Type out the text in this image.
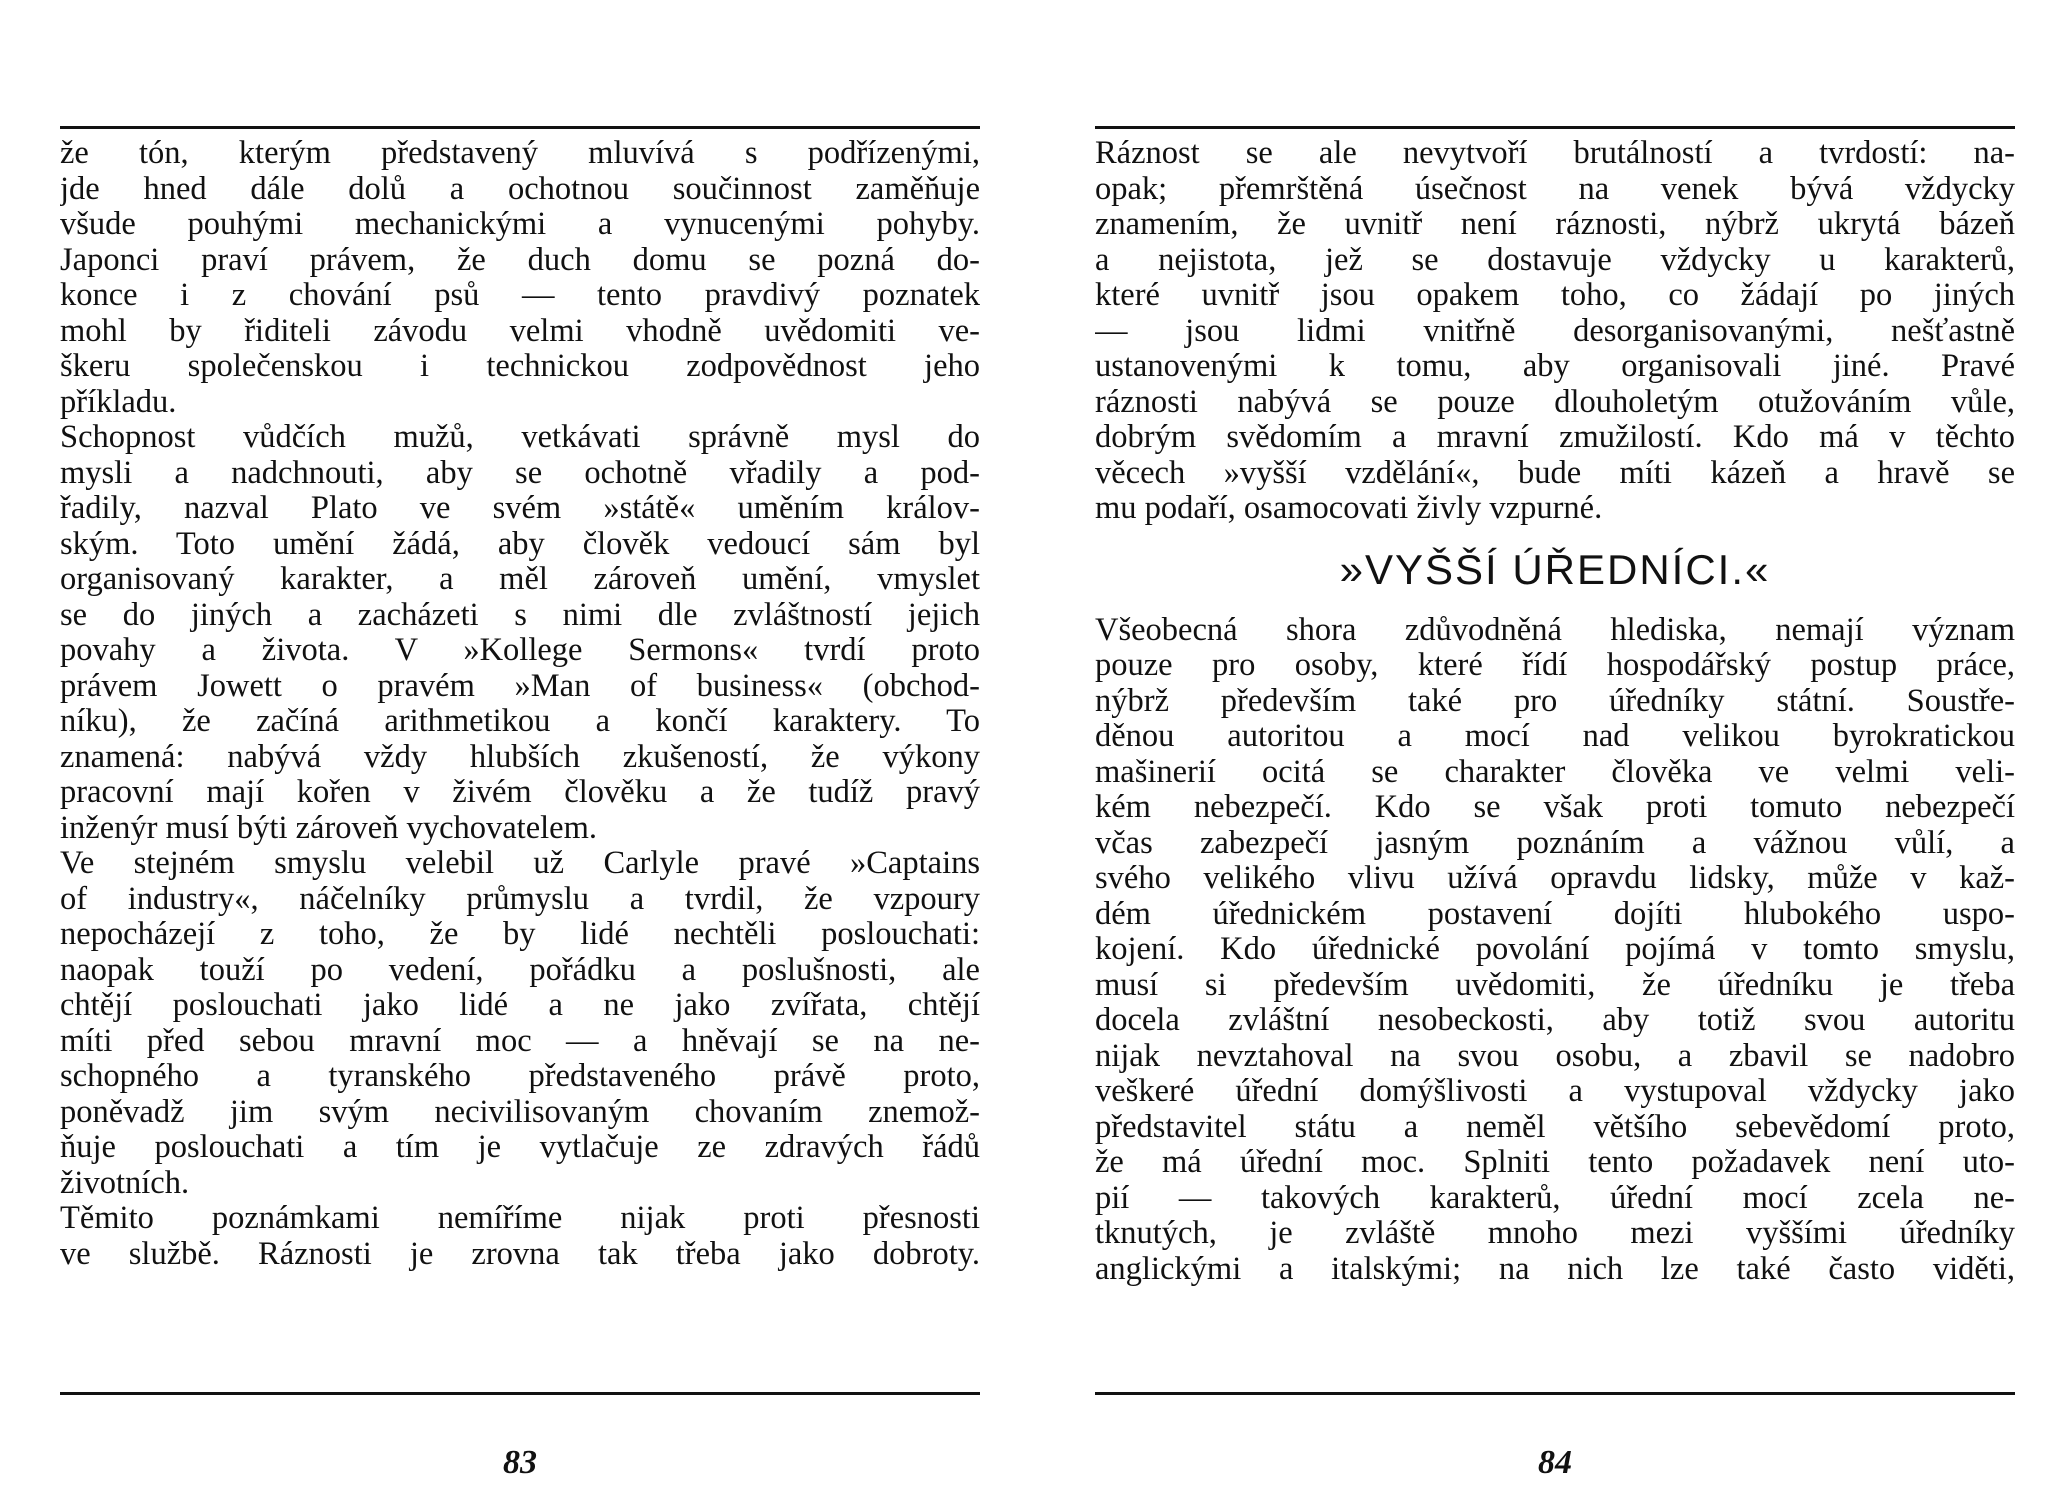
že tón, kterým představený mluvívá s podřízenými,
jde hned dále dolů a ochotnou součinnost zaměňuje
všude pouhými mechanickými a vynucenými pohyby.
Japonci praví právem, že duch domu se pozná do-
konce i z chování psů — tento pravdivý poznatek
mohl by řiditeli závodu velmi vhodně uvědomiti ve-
škeru společenskou i technickou zodpovědnost jeho
příkladu.
Schopnost vůdčích mužů, vetkávati správně mysl do
mysli a nadchnouti, aby se ochotně vřadily a pod-
řadily, nazval Plato ve svém »státě« uměním králov-
ským. Toto umění žádá, aby člověk vedoucí sám byl
organisovaný karakter, a měl zároveň umění, vmyslet
se do jiných a zacházeti s nimi dle zvláštností jejich
povahy a života. V »Kollege Sermons« tvrdí proto
právem Jowett o pravém »Man of business« (obchod-
níku), že začíná arithmetikou a končí karaktery. To
znamená: nabývá vždy hlubších zkušeností, že výkony
pracovní mají kořen v živém člověku a že tudíž pravý
inženýr musí býti zároveň vychovatelem.
Ve stejném smyslu velebil už Carlyle pravé »Captains
of industry«, náčelníky průmyslu a tvrdil, že vzpoury
nepocházejí z toho, že by lidé nechtěli poslouchati:
naopak touží po vedení, pořádku a poslušnosti, ale
chtějí poslouchati jako lidé a ne jako zvířata, chtějí
míti před sebou mravní moc — a hněvají se na ne-
schopného a tyranského představeného právě proto,
poněvadž jim svým necivilisovaným chovaním znemož-
ňuje poslouchati a tím je vytlačuje ze zdravých řádů
životních.
Těmito poznámkami nemíříme nijak proti přesnosti
ve službě. Ráznosti je zrovna tak třeba jako dobroty.
83
Ráznost se ale nevytvoří brutálností a tvrdostí: na-
opak; přemrštěná úsečnost na venek bývá vždycky
znamením, že uvnitř není ráznosti, nýbrž ukrytá bázeň
a nejistota, jež se dostavuje vždycky u karakterů,
které uvnitř jsou opakem toho, co žádají po jiných
— jsou lidmi vnitřně desorganisovanými, nešťastně
ustanovenými k tomu, aby organisovali jiné. Pravé
ráznosti nabývá se pouze dlouholetým otužováním vůle,
dobrým svědomím a mravní zmužilostí. Kdo má v těchto
věcech »vyšší vzdělání«, bude míti kázeň a hravě se
mu podaří, osamocovati živly vzpurné.
»VYŠŠÍ ÚŘEDNÍCI.«
Všeobecná shora zdůvodněná hlediska, nemají význam
pouze pro osoby, které řídí hospodářský postup práce,
nýbrž především také pro úředníky státní. Soustře-
děnou autoritou a mocí nad velikou byrokratickou
mašinerií ocitá se charakter člověka ve velmi veli-
kém nebezpečí. Kdo se však proti tomuto nebezpečí
včas zabezpečí jasným poznáním a vážnou vůlí, a
svého velikého vlivu užívá opravdu lidsky, může v kaž-
dém úřednickém postavení dojíti hlubokého uspo-
kojení. Kdo úřednické povolání pojímá v tomto smyslu,
musí si především uvědomiti, že úředníku je třeba
docela zvláštní nesobeckosti, aby totiž svou autoritu
nijak nevztahoval na svou osobu, a zbavil se nadobro
veškeré úřední domýšlivosti a vystupoval vždycky jako
představitel státu a neměl většího sebevědomí proto,
že má úřední moc. Splniti tento požadavek není uto-
pií — takových karakterů, úřední mocí zcela ne-
tknutých, je zvláště mnoho mezi vyššími úředníky
anglickými a italskými; na nich lze také často viděti,
84
